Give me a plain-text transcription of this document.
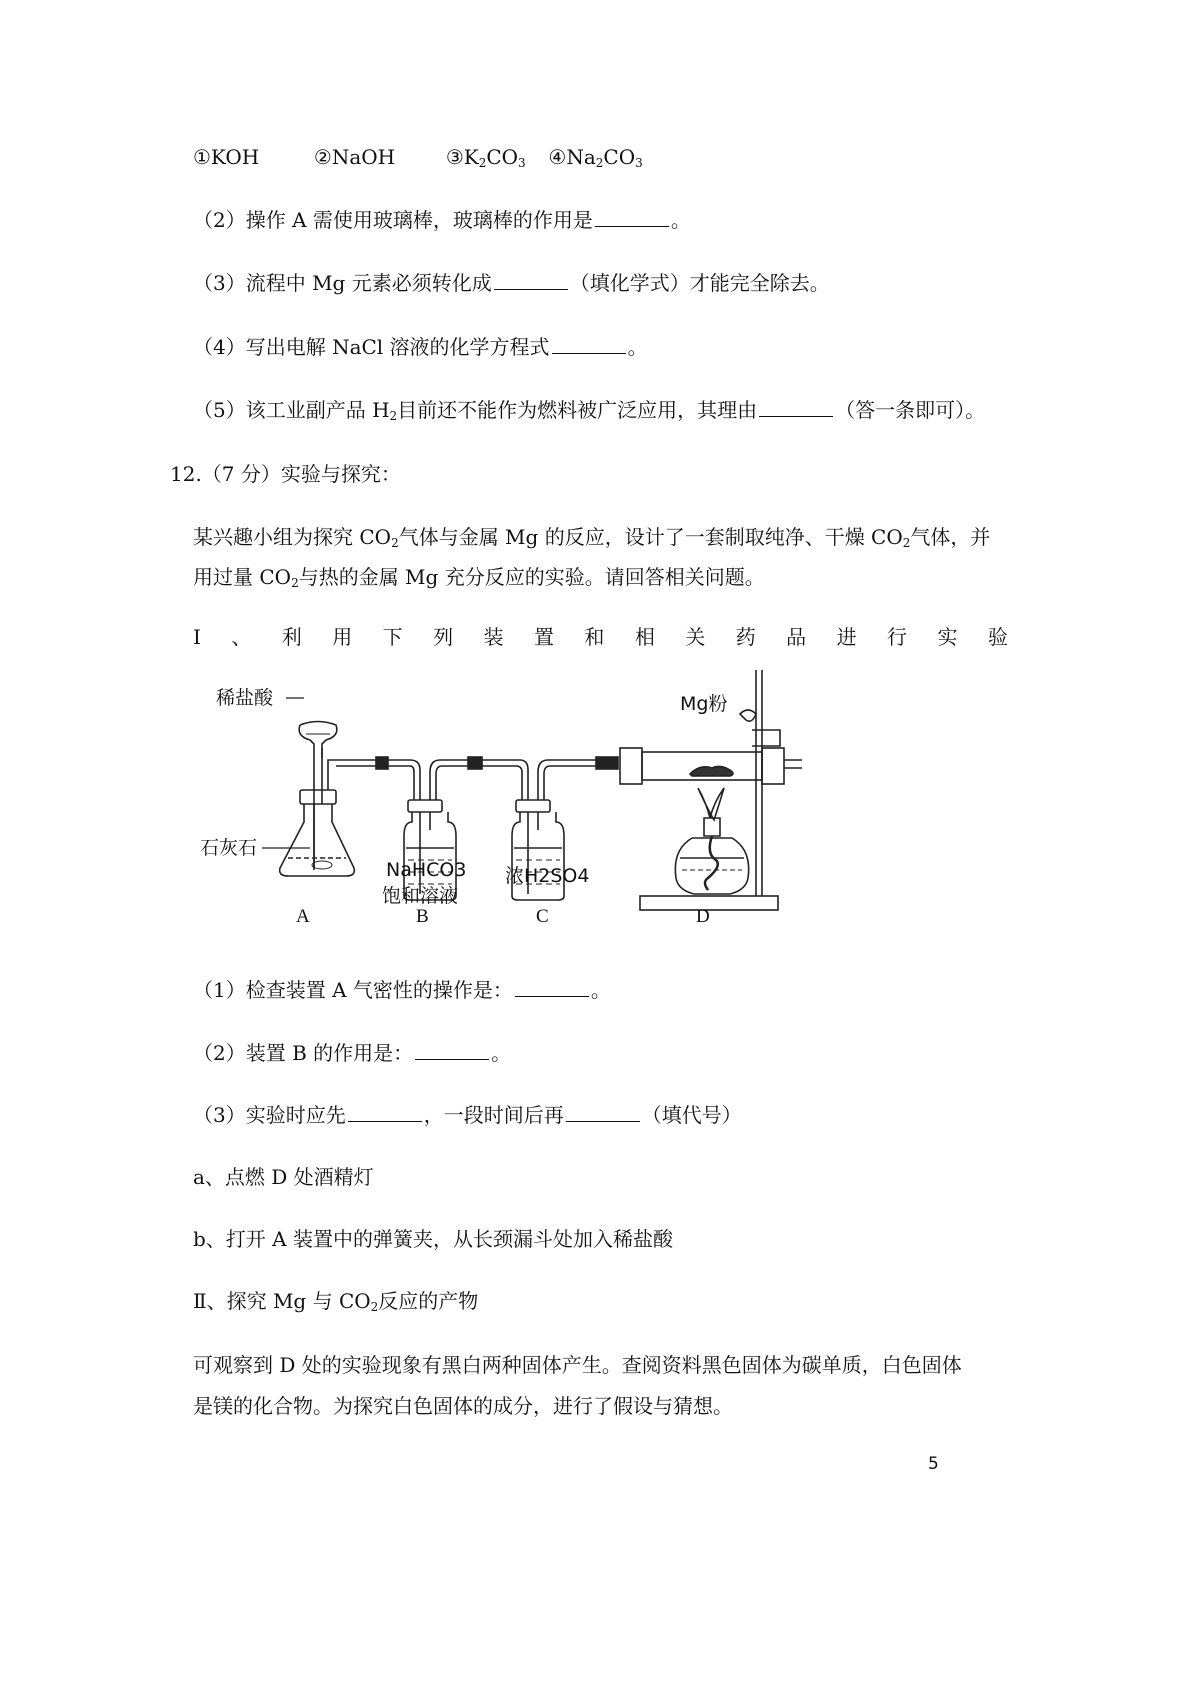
①KOH	②NaOH	$③K_2CO_3$ $④Na_2CO_3$
（2）操作 A 需使用玻璃棒，玻璃棒的作用是	。
（3）流程中 Mg 元素必须转化成	（填化学式）才能完全除去。
（4）写出电解 NaCl 溶液的化学方程式	。
（5）该工业副产品 $H_2$目前还不能作为燃料被广泛应用，其理由	（答一条即可）。
12.（7 分）实验与探究：
某兴趣小组为探究 $CO_2$气体与金属 Mg 的反应，设计了一套制取纯净、干燥 $CO_2$气体，并
用过量 $CO_2$与热的金属 Mg 充分反应的实验。请回答相关问题。
Ⅰ 、 利 用 下 列 装 置 和 相 关 药 品 进 行 实 验
稀盐酸
石灰石
Mg粉
NaHCO3
饱和溶液
浓H2SO4
A	B	C	D
（1）检查装置 A 气密性的操作是：	。
（2）装置 B 的作用是：	。
（3）实验时应先	，一段时间后再	（填代号）
a、点燃 D 处酒精灯
b、打开 A 装置中的弹簧夹，从长颈漏斗处加入稀盐酸
Ⅱ、探究 Mg 与 $CO_2$反应的产物
可观察到 D 处的实验现象有黑白两种固体产生。查阅资料黑色固体为碳单质，白色固体
是镁的化合物。为探究白色固体的成分，进行了假设与猜想。
5
